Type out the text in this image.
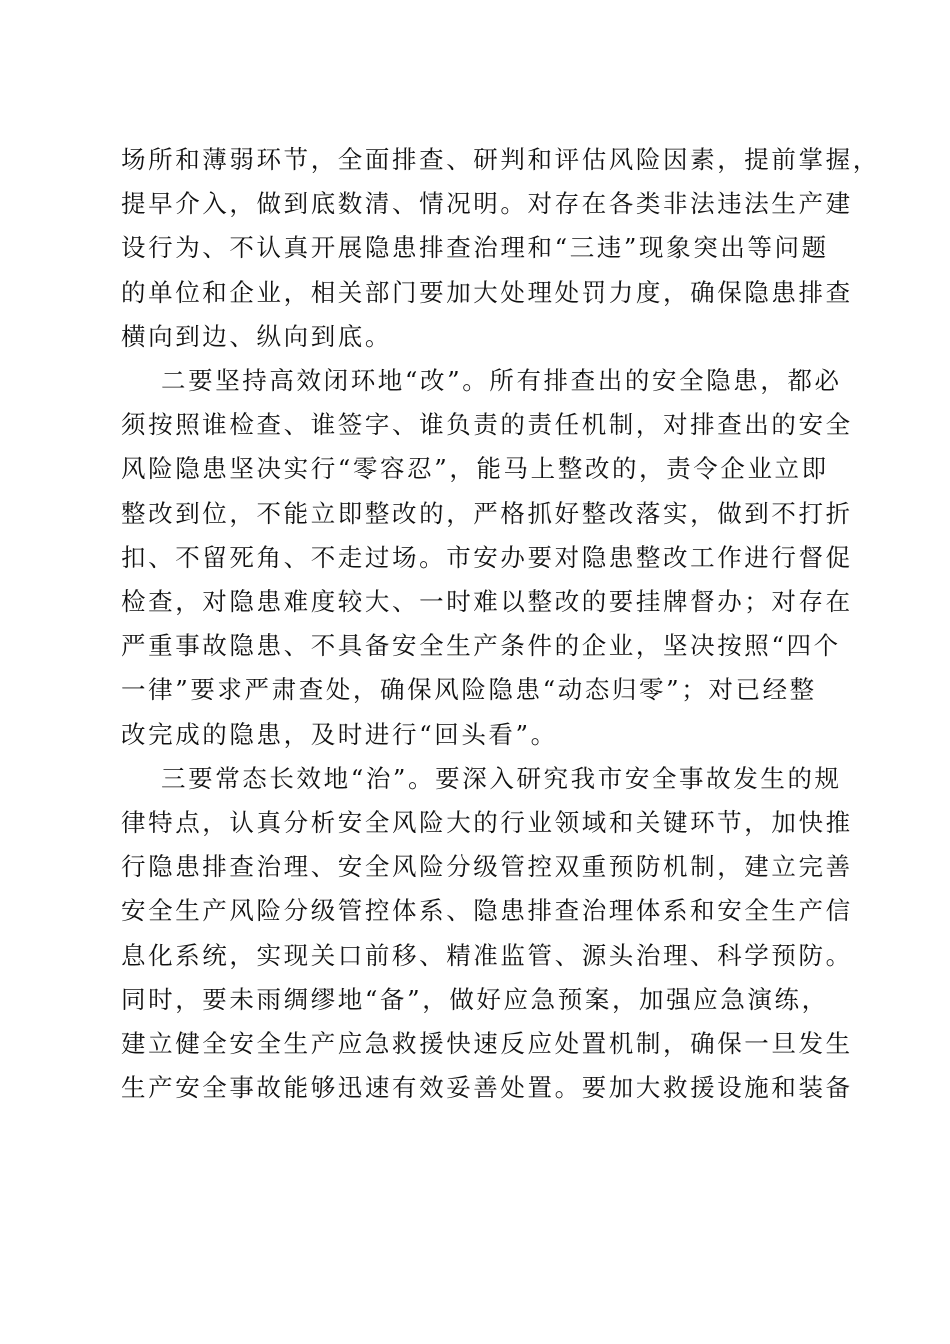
场所和薄弱环节，全面排查、研判和评估风险因素，提前掌握，
提早介入，做到底数清、情况明。对存在各类非法违法生产建
设行为、不认真开展隐患排查治理和“三违”现象突出等问题
的单位和企业，相关部门要加大处理处罚力度，确保隐患排查
横向到边、纵向到底。

二要坚持高效闭环地“改”。所有排查出的安全隐患，都必
须按照谁检查、谁签字、谁负责的责任机制，对排查出的安全
风险隐患坚决实行“零容忍”，能马上整改的，责令企业立即
整改到位，不能立即整改的，严格抓好整改落实，做到不打折
扣、不留死角、不走过场。市安办要对隐患整改工作进行督促
检查，对隐患难度较大、一时难以整改的要挂牌督办；对存在
严重事故隐患、不具备安全生产条件的企业，坚决按照“四个
一律”要求严肃查处，确保风险隐患“动态归零”；对已经整
改完成的隐患，及时进行“回头看”。

三要常态长效地“治”。要深入研究我市安全事故发生的规
律特点，认真分析安全风险大的行业领域和关键环节，加快推
行隐患排查治理、安全风险分级管控双重预防机制，建立完善
安全生产风险分级管控体系、隐患排查治理体系和安全生产信
息化系统，实现关口前移、精准监管、源头治理、科学预防。
同时，要未雨绸缪地“备”，做好应急预案，加强应急演练，
建立健全安全生产应急救援快速反应处置机制，确保一旦发生
生产安全事故能够迅速有效妥善处置。要加大救援设施和装备
